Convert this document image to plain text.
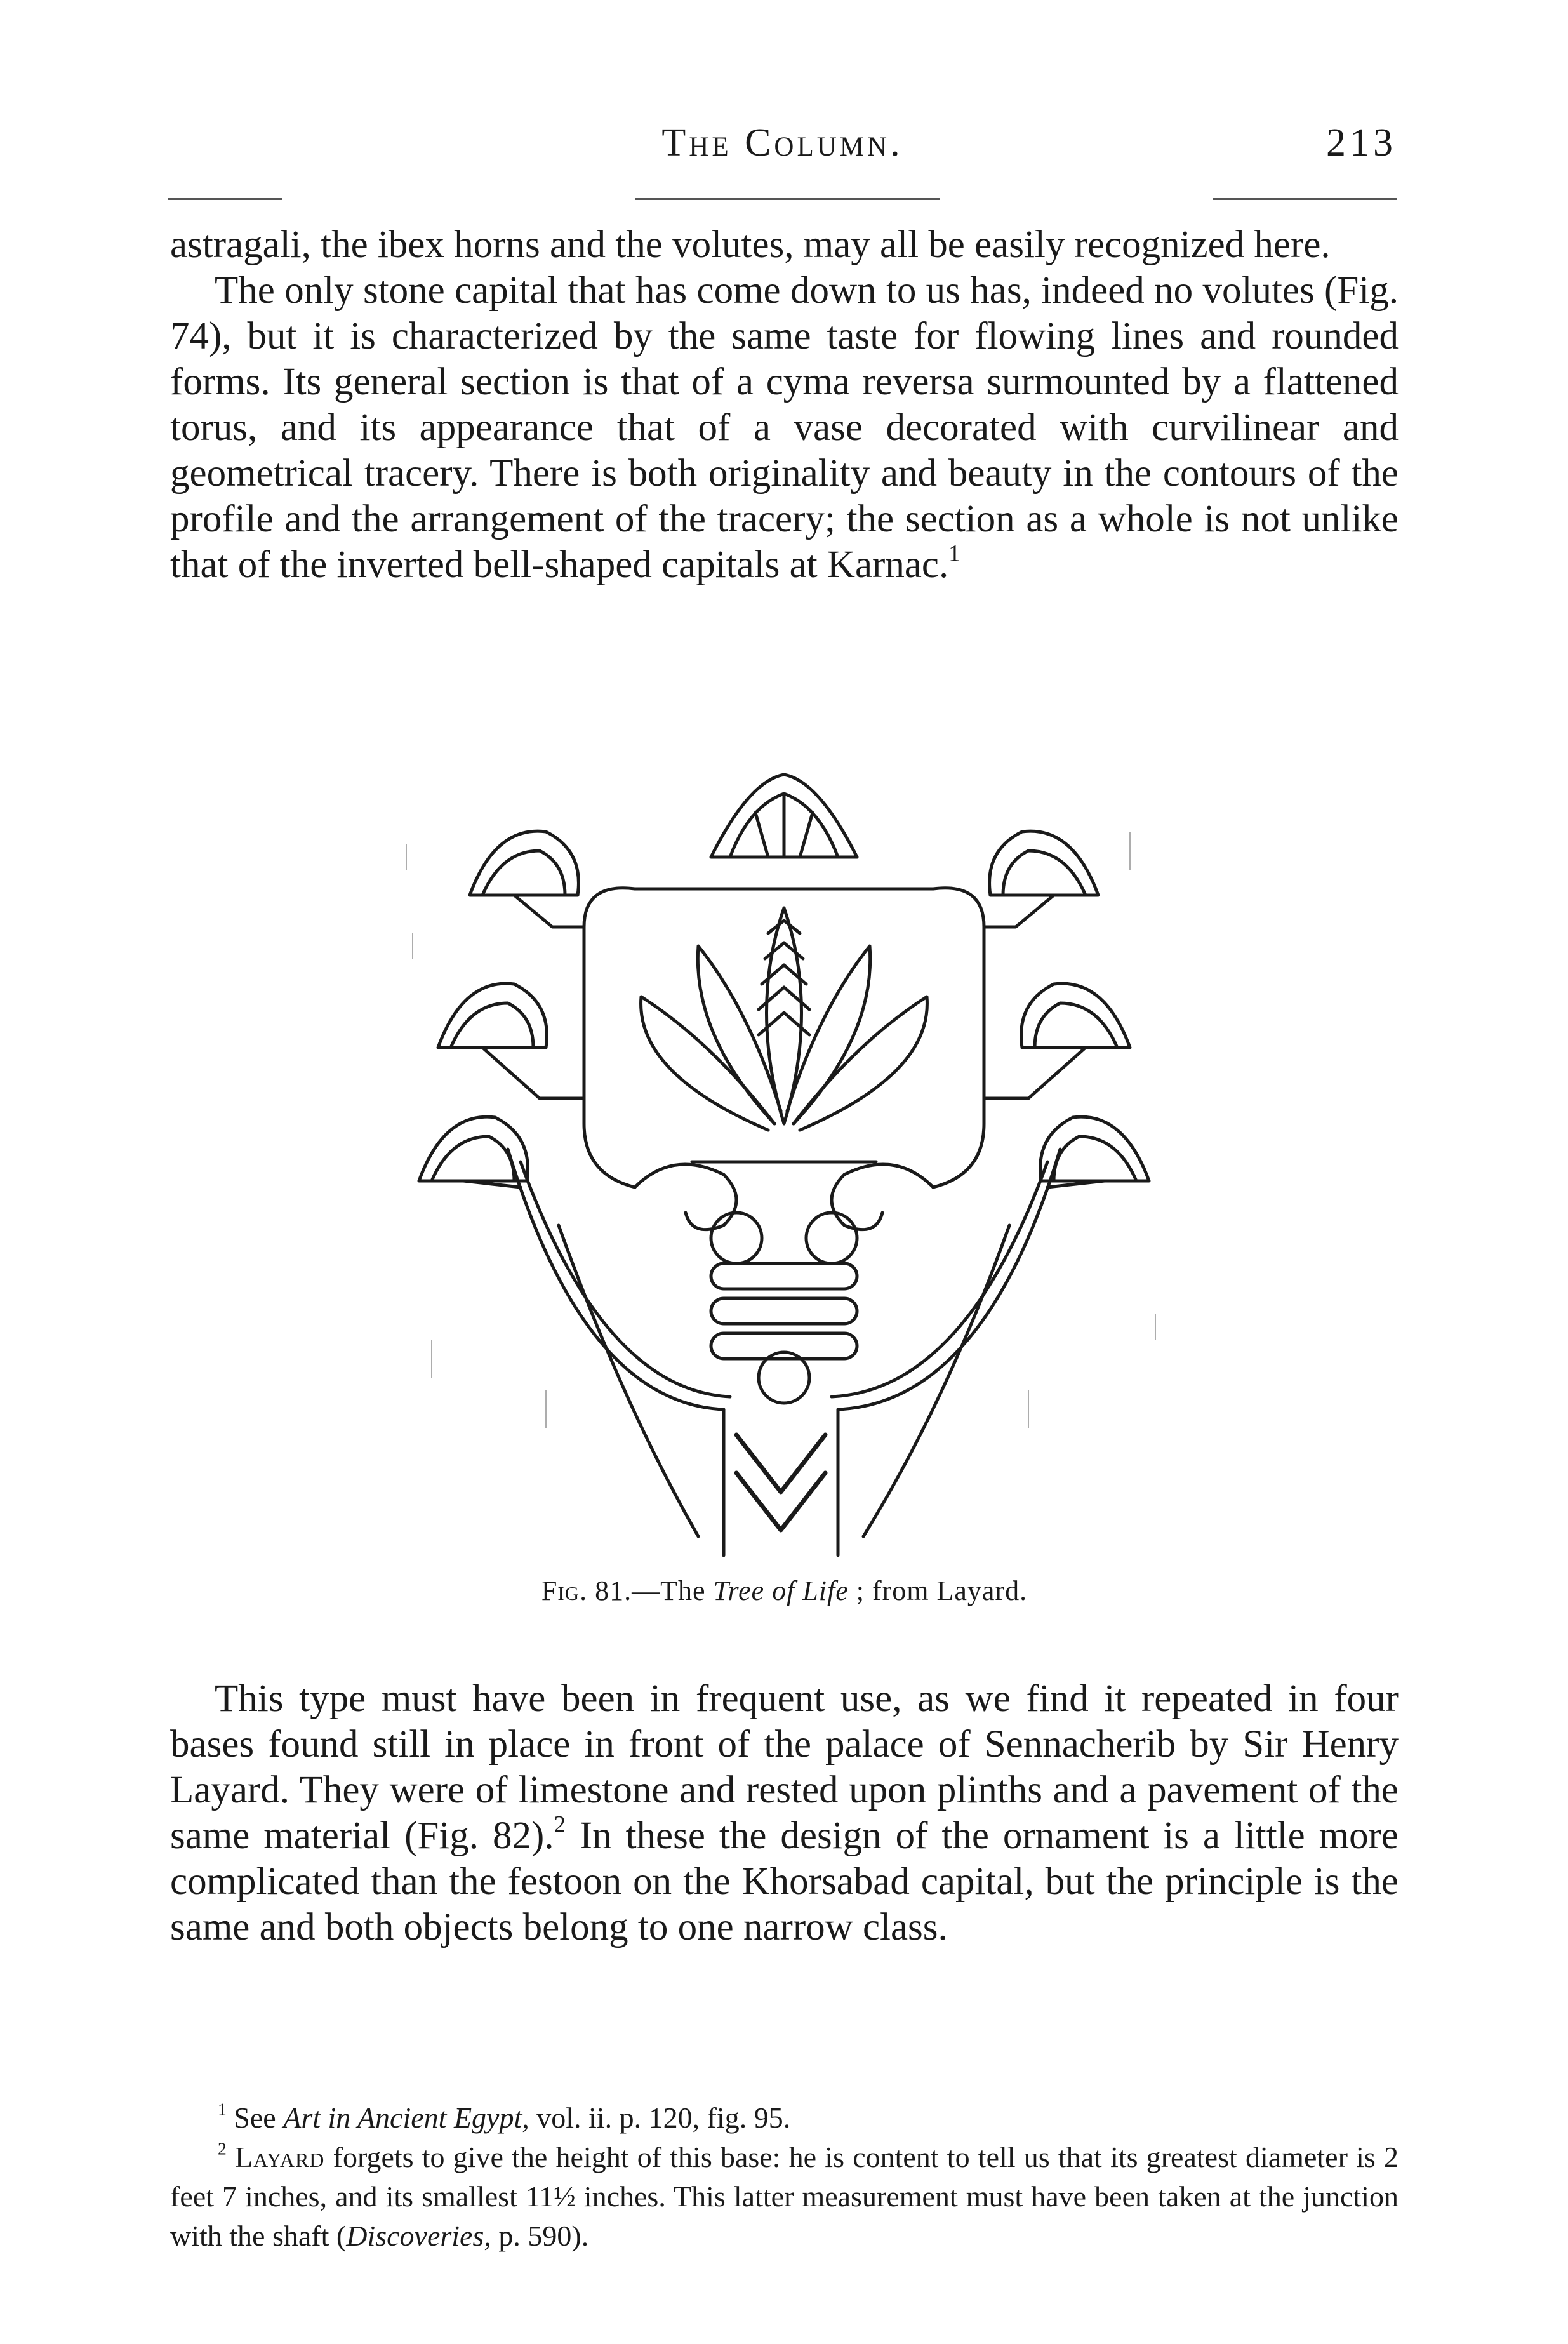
The Column.	213

astragali, the ibex horns and the volutes, may all be easily recognized here.

The only stone capital that has come down to us has, indeed no volutes (Fig. 74), but it is characterized by the same taste for flowing lines and rounded forms. Its general section is that of a cyma reversa surmounted by a flattened torus, and its appearance that of a vase decorated with curvilinear and geometrical tracery. There is both originality and beauty in the contours of the profile and the arrangement of the tracery; the section as a whole is not unlike that of the inverted bell-shaped capitals at Karnac.$^1$

Fig. 81.—The Tree of Life ; from Layard.

This type must have been in frequent use, as we find it repeated in four bases found still in place in front of the palace of Sennacherib by Sir Henry Layard. They were of limestone and rested upon plinths and a pavement of the same material (Fig. 82).$^2$ In these the design of the ornament is a little more complicated than the festoon on the Khorsabad capital, but the principle is the same and both objects belong to one narrow class.

$^1$ See Art in Ancient Egypt, vol. ii. p. 120, fig. 95.

$^2$ Layard forgets to give the height of this base: he is content to tell us that its greatest diameter is 2 feet 7 inches, and its smallest 11½ inches. This latter measurement must have been taken at the junction with the shaft (Discoveries, p. 590).
